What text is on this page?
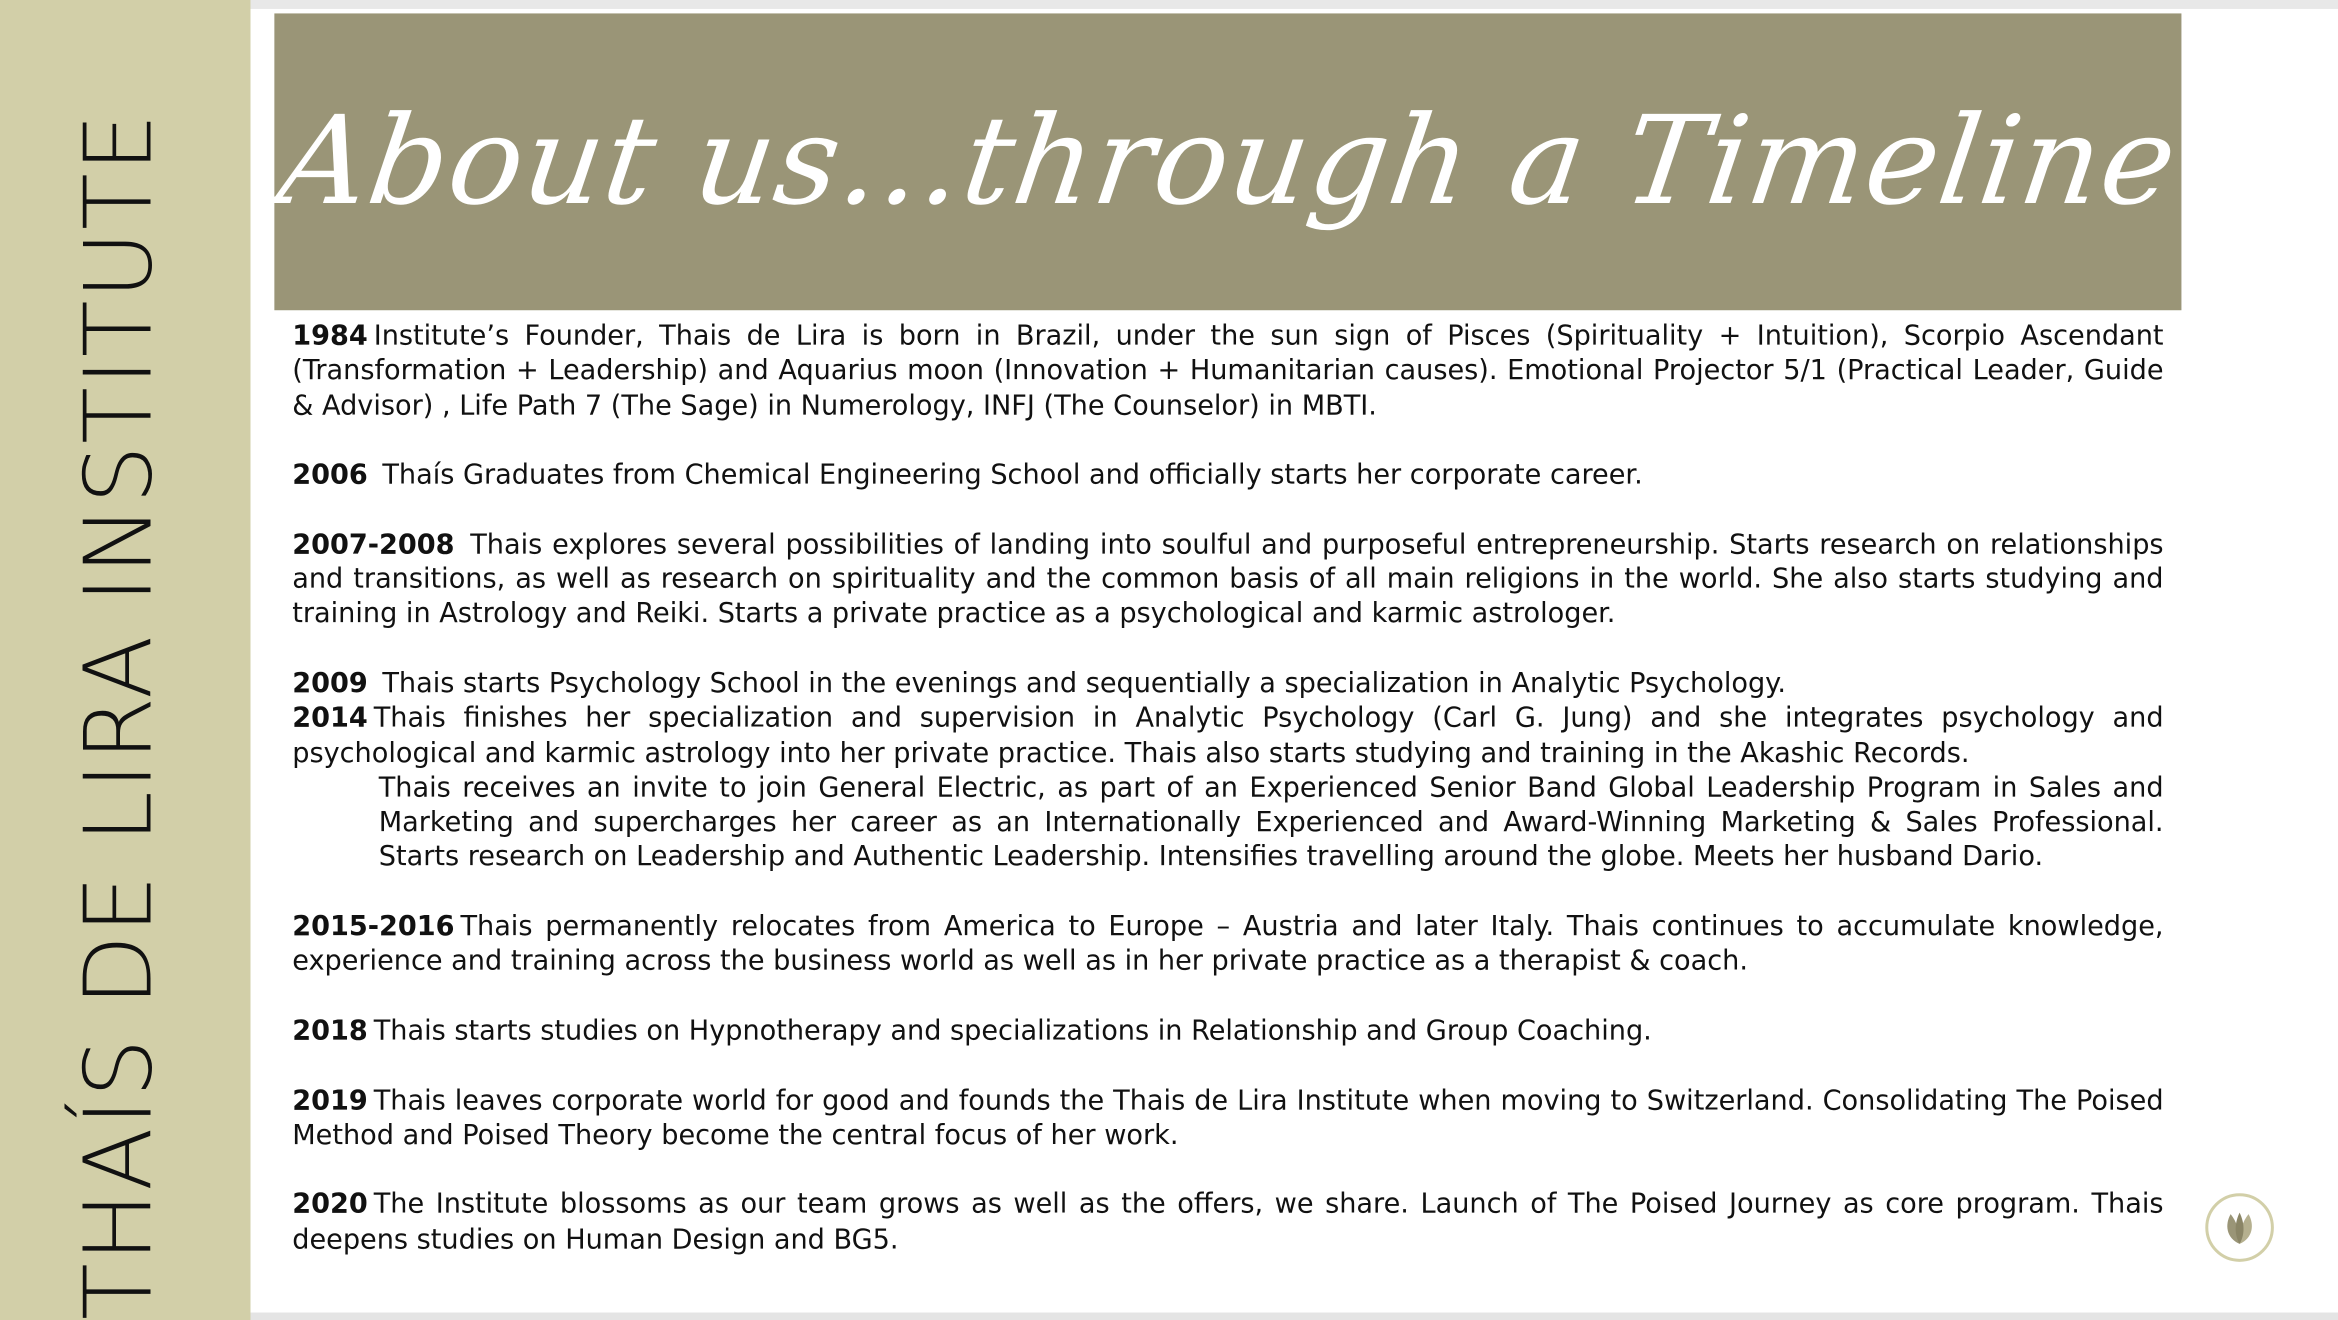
THAÍS DE LIRA INSTITUTE About us…through a Timeline

1984 Institute’s Founder, Thais de Lira is born in Brazil, under the sun sign of Pisces (Spirituality + Intuition), Scorpio Ascendant (Transformation + Leadership) and Aquarius moon (Innovation + Humanitarian causes). Emotional Projector 5/1 (Practical Leader, Guide & Advisor) , Life Path 7 (The Sage) in Numerology, INFJ (The Counselor) in MBTI.

2006 Thaís Graduates from Chemical Engineering School and officially starts her corporate career.

2007-2008 Thais explores several possibilities of landing into soulful and purposeful entrepreneurship. Starts research on relationships and transitions, as well as research on spirituality and the common basis of all main religions in the world. She also starts studying and training in Astrology and Reiki. Starts a private practice as a psychological and karmic astrologer.

2009 Thais starts Psychology School in the evenings and sequentially a specialization in Analytic Psychology.

2014 Thais finishes her specialization and supervision in Analytic Psychology (Carl G. Jung) and she integrates psychology and psychological and karmic astrology into her private practice. Thais also starts studying and training in the Akashic Records.

Thais receives an invite to join General Electric, as part of an Experienced Senior Band Global Leadership Program in Sales and Marketing and supercharges her career as an Internationally Experienced and Award-Winning Marketing & Sales Professional. Starts research on Leadership and Authentic Leadership. Intensifies travelling around the globe. Meets her husband Dario.

2015-2016 Thais permanently relocates from America to Europe – Austria and later Italy. Thais continues to accumulate knowledge, experience and training across the business world as well as in her private practice as a therapist & coach.

2018 Thais starts studies on Hypnotherapy and specializations in Relationship and Group Coaching.

2019 Thais leaves corporate world for good and founds the Thais de Lira Institute when moving to Switzerland. Consolidating The Poised Method and Poised Theory become the central focus of her work.

2020 The Institute blossoms as our team grows as well as the offers, we share. Launch of The Poised Journey as core program. Thais deepens studies on Human Design and BG5.
